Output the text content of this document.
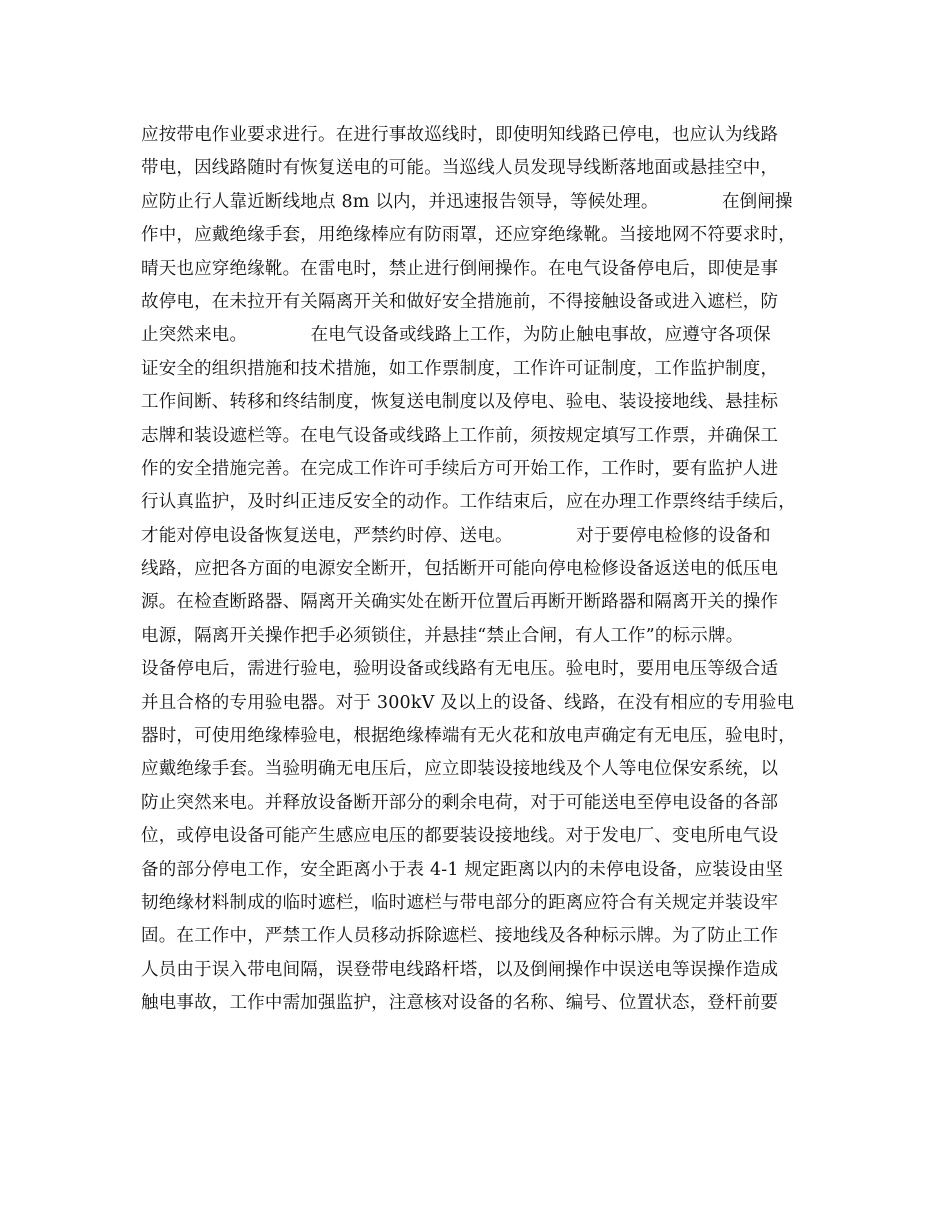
应按带电作业要求进行。在进行事故巡线时，即使明知线路已停电，也应认为线路
带电，因线路随时有恢复送电的可能。当巡线人员发现导线断落地面或悬挂空中，
应防止行人靠近断线地点 8m 以内，并迅速报告领导，等候处理。           在倒闸操
作中，应戴绝缘手套，用绝缘棒应有防雨罩，还应穿绝缘靴。当接地网不符要求时，
晴天也应穿绝缘靴。在雷电时，禁止进行倒闸操作。在电气设备停电后，即使是事
故停电，在未拉开有关隔离开关和做好安全措施前，不得接触设备或进入遮栏，防
止突然来电。           在电气设备或线路上工作，为防止触电事故，应遵守各项保
证安全的组织措施和技术措施，如工作票制度，工作许可证制度，工作监护制度，
工作间断、转移和终结制度，恢复送电制度以及停电、验电、装设接地线、悬挂标
志牌和装设遮栏等。在电气设备或线路上工作前，须按规定填写工作票，并确保工
作的安全措施完善。在完成工作许可手续后方可开始工作，工作时，要有监护人进
行认真监护，及时纠正违反安全的动作。工作结束后，应在办理工作票终结手续后，
才能对停电设备恢复送电，严禁约时停、送电。           对于要停电检修的设备和
线路，应把各方面的电源安全断开，包括断开可能向停电检修设备返送电的低压电
源。在检查断路器、隔离开关确实处在断开位置后再断开断路器和隔离开关的操作
电源，隔离开关操作把手必须锁住，并悬挂“禁止合闸，有人工作”的标示牌。
设备停电后，需进行验电，验明设备或线路有无电压。验电时，要用电压等级合适
并且合格的专用验电器。对于 300kV 及以上的设备、线路，在没有相应的专用验电
器时，可使用绝缘棒验电，根据绝缘棒端有无火花和放电声确定有无电压，验电时，
应戴绝缘手套。当验明确无电压后，应立即装设接地线及个人等电位保安系统，以
防止突然来电。并释放设备断开部分的剩余电荷，对于可能送电至停电设备的各部
位，或停电设备可能产生感应电压的都要装设接地线。对于发电厂、变电所电气设
备的部分停电工作，安全距离小于表 4-1 规定距离以内的未停电设备，应装设由坚
韧绝缘材料制成的临时遮栏，临时遮栏与带电部分的距离应符合有关规定并装设牢
固。在工作中，严禁工作人员移动拆除遮栏、接地线及各种标示牌。为了防止工作
人员由于误入带电间隔，误登带电线路杆塔，以及倒闸操作中误送电等误操作造成
触电事故，工作中需加强监护，注意核对设备的名称、编号、位置状态，登杆前要
